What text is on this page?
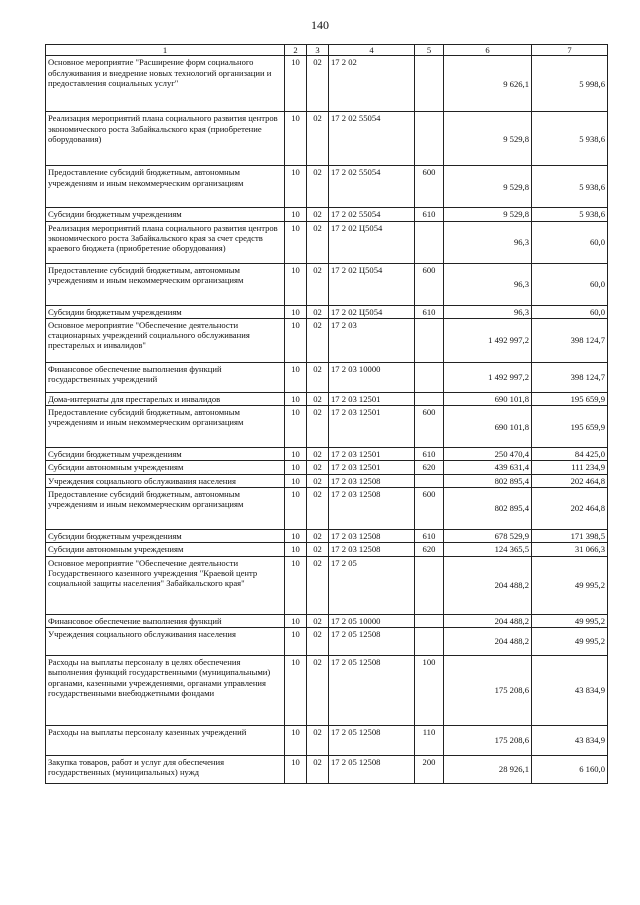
140
1	2	3	4	5	6	7
Основное мероприятие "Расширение форм социального обслуживания и внедрение новых технологий организации и предоставления социальных услуг"	10	02	17 2 02		9 626,1	5 998,6
Реализация мероприятий плана социального развития центров экономического роста Забайкальского края (приобретение оборудования)	10	02	17 2 02 55054		9 529,8	5 938,6
Предоставление субсидий бюджетным, автономным учреждениям и иным некоммерческим организациям	10	02	17 2 02 55054	600	9 529,8	5 938,6
Субсидии бюджетным учреждениям	10	02	17 2 02 55054	610	9 529,8	5 938,6
Реализация мероприятий плана социального развития центров экономического роста Забайкальского края за счет средств краевого бюджета (приобретение оборудования)	10	02	17 2 02 Ц5054		96,3	60,0
Предоставление субсидий бюджетным, автономным учреждениям и иным некоммерческим организациям	10	02	17 2 02 Ц5054	600	96,3	60,0
Субсидии бюджетным учреждениям	10	02	17 2 02 Ц5054	610	96,3	60,0
Основное мероприятие "Обеспечение деятельности стационарных учреждений социального обслуживания престарелых и инвалидов"	10	02	17 2 03		1 492 997,2	398 124,7
Финансовое обеспечение выполнения функций государственных учреждений	10	02	17 2 03 10000		1 492 997,2	398 124,7
Дома-интернаты для престарелых и инвалидов	10	02	17 2 03 12501		690 101,8	195 659,9
Предоставление субсидий бюджетным, автономным учреждениям и иным некоммерческим организациям	10	02	17 2 03 12501	600	690 101,8	195 659,9
Субсидии бюджетным учреждениям	10	02	17 2 03 12501	610	250 470,4	84 425,0
Субсидии автономным учреждениям	10	02	17 2 03 12501	620	439 631,4	111 234,9
Учреждения социального обслуживания населения	10	02	17 2 03 12508		802 895,4	202 464,8
Предоставление субсидий бюджетным, автономным учреждениям и иным некоммерческим организациям	10	02	17 2 03 12508	600	802 895,4	202 464,8
Субсидии бюджетным учреждениям	10	02	17 2 03 12508	610	678 529,9	171 398,5
Субсидии автономным учреждениям	10	02	17 2 03 12508	620	124 365,5	31 066,3
Основное мероприятие "Обеспечение деятельности Государственного казенного учреждения "Краевой центр социальной защиты населения" Забайкальского края"	10	02	17 2 05		204 488,2	49 995,2
Финансовое обеспечение выполнения функций	10	02	17 2 05 10000		204 488,2	49 995,2
Учреждения социального обслуживания населения	10	02	17 2 05 12508		204 488,2	49 995,2
Расходы на выплаты персоналу в целях обеспечения выполнения функций государственными (муниципальными) органами, казенными учреждениями, органами управления государственными внебюджетными фондами	10	02	17 2 05 12508	100	175 208,6	43 834,9
Расходы на выплаты персоналу казенных учреждений	10	02	17 2 05 12508	110	175 208,6	43 834,9
Закупка товаров, работ и услуг для обеспечения государственных (муниципальных) нужд	10	02	17 2 05 12508	200	28 926,1	6 160,0
